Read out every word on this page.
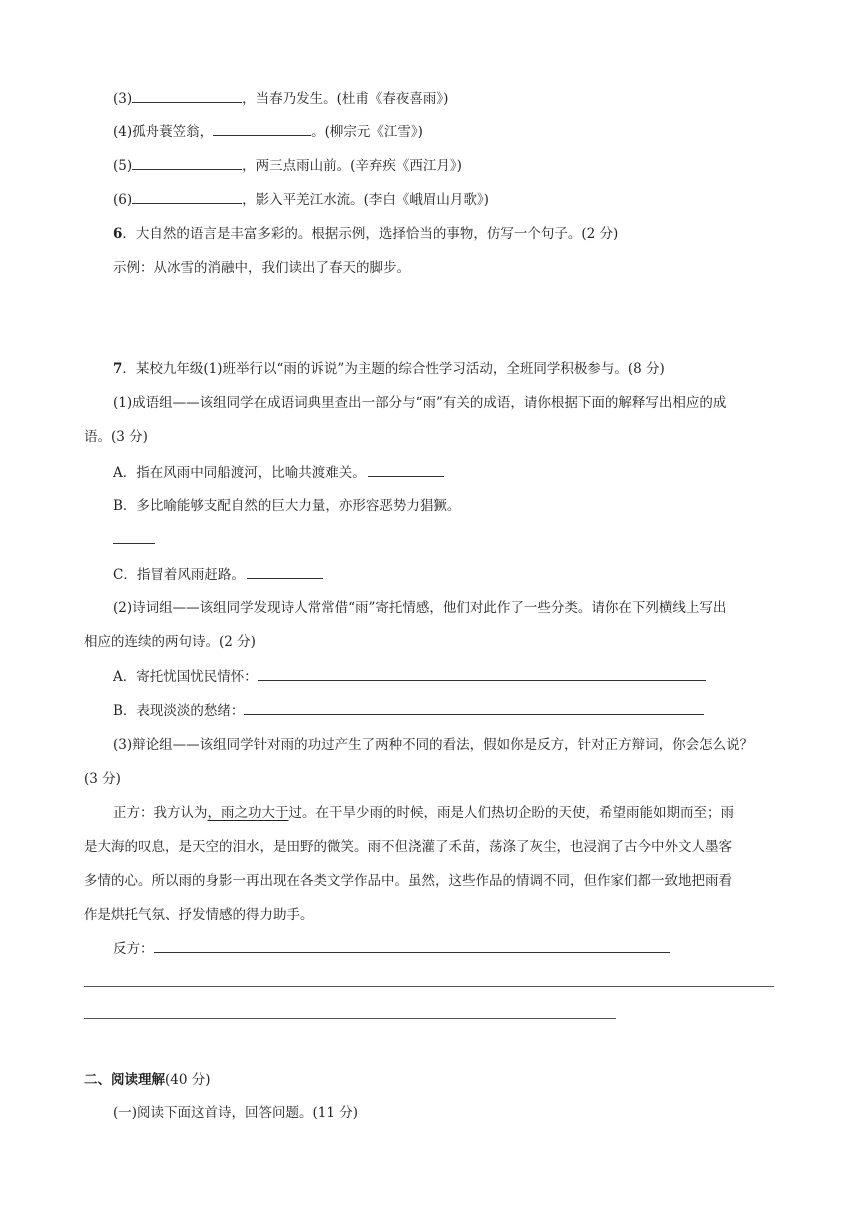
(3)	，当春乃发生。(杜甫《春夜喜雨》)
(4)孤舟蓑笠翁，	。(柳宗元《江雪》)
(5)	，两三点雨山前。(辛弃疾《西江月》)
(6)	，影入平羌江水流。(李白《峨眉山月歌》)
6．大自然的语言是丰富多彩的。根据示例，选择恰当的事物，仿写一个句子。(2 分)
示例：从冰雪的消融中，我们读出了春天的脚步。
7．某校九年级(1)班举行以“雨的诉说”为主题的综合性学习活动，全班同学积极参与。(8 分)
(1)成语组——该组同学在成语词典里查出一部分与“雨”有关的成语，请你根据下面的解释写出相应的成
语。(3 分)
A．指在风雨中同船渡河，比喻共渡难关。
B．多比喻能够支配自然的巨大力量，亦形容恶势力猖獗。
C．指冒着风雨赶路。
(2)诗词组——该组同学发现诗人常常借“雨”寄托情感，他们对此作了一些分类。请你在下列横线上写出
相应的连续的两句诗。(2 分)
A．寄托忧国忧民情怀：
B．表现淡淡的愁绪：
(3)辩论组——该组同学针对雨的功过产生了两种不同的看法，假如你是反方，针对正方辩词，你会怎么说？
(3 分)
正方：我方认为，雨之功大于过。在干旱少雨的时候，雨是人们热切企盼的天使，希望雨能如期而至；雨
是大海的叹息，是天空的泪水，是田野的微笑。雨不但浇灌了禾苗，荡涤了灰尘，也浸润了古今中外文人墨客
多情的心。所以雨的身影一再出现在各类文学作品中。虽然，这些作品的情调不同，但作家们都一致地把雨看
作是烘托气氛、抒发情感的得力助手。
反方：
二、阅读理解(40 分)
(一)阅读下面这首诗，回答问题。(11 分)
